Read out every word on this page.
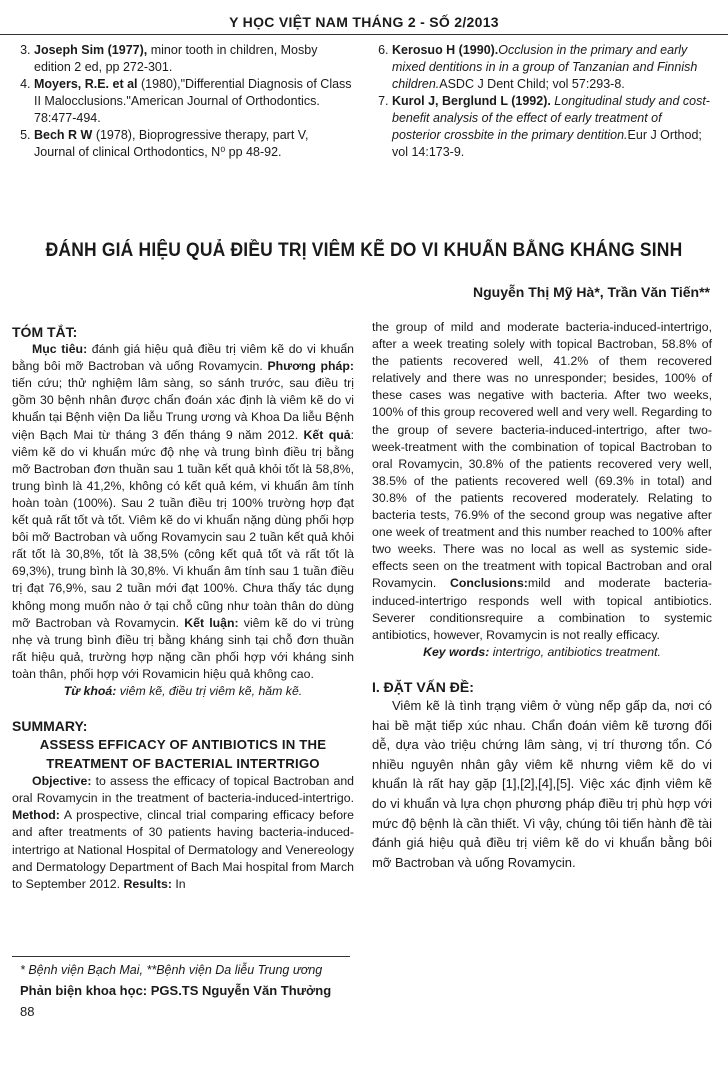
Y HỌC VIỆT NAM THÁNG 2 - SỐ 2/2013
3. Joseph Sim (1977), minor tooth in children, Mosby edition 2 ed, pp 272-301.
4. Moyers, R.E. et al (1980),"Differential Diagnosis of Class II Malocclusions."American Journal of Orthodontics. 78:477-494.
5. Bech R W (1978), Bioprogressive therapy, part V, Journal of clinical Orthodontics, N⁰ pp 48-92.
6. Kerosuo H (1990).Occlusion in the primary and early mixed dentitions in in a group of Tanzanian and Finnish children.ASDC J Dent Child; vol 57:293-8.
7. Kurol J, Berglund L (1992). Longitudinal study and cost-benefit analysis of the effect of early treatment of posterior crossbite in the primary dentition.Eur J Orthod; vol 14:173-9.
ĐÁNH GIÁ HIỆU QUẢ ĐIỀU TRỊ VIÊM KẼ DO VI KHUẨN BẰNG KHÁNG SINH
Nguyễn Thị Mỹ Hà*, Trần Văn Tiến**

TÓM TẮT:

Mục tiêu: đánh giá hiệu quả điều trị viêm kẽ do vi khuẩn bằng bôi mỡ Bactroban và uống Rovamycin. Phương pháp: tiến cứu; thử nghiệm lâm sàng, so sánh trước, sau điều trị gồm 30 bệnh nhân được chẩn đoán xác định là viêm kẽ do vi khuẩn tại Bệnh viện Da liễu Trung ương và Khoa Da liễu Bệnh viện Bạch Mai từ tháng 3 đến tháng 9 năm 2012. Kết quả: viêm kẽ do vi khuẩn mức độ nhẹ và trung bình điều trị bằng mỡ Bactroban đơn thuần sau 1 tuần kết quả khỏi tốt là 58,8%, trung bình là 41,2%, không có kết quả kém, vi khuẩn âm tính hoàn toàn (100%). Sau 2 tuần điều trị 100% trường hợp đạt kết quả rất tốt và tốt. Viêm kẽ do vi khuẩn nặng dùng phối hợp bôi mỡ Bactroban và uống Rovamycin sau 2 tuần kết quả khỏi rất tốt là 30,8%, tốt là 38,5% (công kết quả tốt và rất tốt là 69,3%), trung bình là 30,8%. Vi khuẩn âm tính sau 1 tuần điều trị đạt 76,9%, sau 2 tuần mới đạt 100%. Chưa thấy tác dụng không mong muốn nào ở tại chỗ cũng như toàn thân do dùng mỡ Bactroban và Rovamycin. Kết luận: viêm kẽ do vi trùng nhẹ và trung bình điều trị bằng kháng sinh tại chỗ đơn thuần rất hiệu quả, trường hợp nặng cần phối hợp với kháng sinh toàn thân, phối hợp với Rovamicin hiệu quả không cao.

Từ khoá: viêm kẽ, điều trị viêm kẽ, hăm kẽ.

SUMMARY:

ASSESS EFFICACY OF ANTIBIOTICS IN THE TREATMENT OF BACTERIAL INTERTRIGO

Objective: to assess the efficacy of topical Bactroban and oral Rovamycin in the treatment of bacteria-induced-intertrigo. Method: A prospective, clincal trial comparing efficacy before and after treatments of 30 patients having bacteria-induced-intertrigo at National Hospital of Dermatology and Venereology and Dermatology Department of Bach Mai hospital from March to September 2012. Results: In

the group of mild and moderate bacteria-induced-intertrigo, after a week treating solely with topical Bactroban, 58.8% of the patients recovered well, 41.2% of them recovered relatively and there was no unresponder; besides, 100% of these cases was negative with bacteria. After two weeks, 100% of this group recovered well and very well. Regarding to the group of severe bacteria-induced-intertrigo, after two-week-treatment with the combination of topical Bactroban to oral Rovamycin, 30.8% of the patients recovered very well, 38.5% of the patients recovered well (69.3% in total) and 30.8% of the patients recovered moderately. Relating to bacteria tests, 76.9% of the second group was negative after one week of treatment and this number reached to 100% after two weeks. There was no local as well as systemic side-effects seen on the treatment with topical Bactroban and oral Rovamycin. Conclusions:mild and moderate bacteria-induced-intertrigo responds well with topical antibiotics. Severer conditionsrequire a combination to systemic antibiotics, however, Rovamycin is not really efficacy.

Key words: intertrigo, antibiotics treatment.

I. ĐẶT VẤN ĐỀ:

Viêm kẽ là tình trạng viêm ở vùng nếp gấp da, nơi có hai bề mặt tiếp xúc nhau. Chẩn đoán viêm kẽ tương đối dễ, dựa vào triệu chứng lâm sàng, vị trí thương tổn. Có nhiều nguyên nhân gây viêm kẽ nhưng viêm kẽ do vi khuẩn là rất hay gặp [1],[2],[4],[5]. Việc xác định viêm kẽ do vi khuẩn và lựa chọn phương pháp điều trị phù hợp với mức độ bệnh là cần thiết. Vì vậy, chúng tôi tiến hành đề tài đánh giá hiệu quả điều trị viêm kẽ do vi khuẩn bằng bôi mỡ Bactroban và uống Rovamycin.

* Bệnh viện Bạch Mai, **Bệnh viện Da liễu Trung ương
Phản biện khoa học: PGS.TS Nguyễn Văn Thưởng
88
